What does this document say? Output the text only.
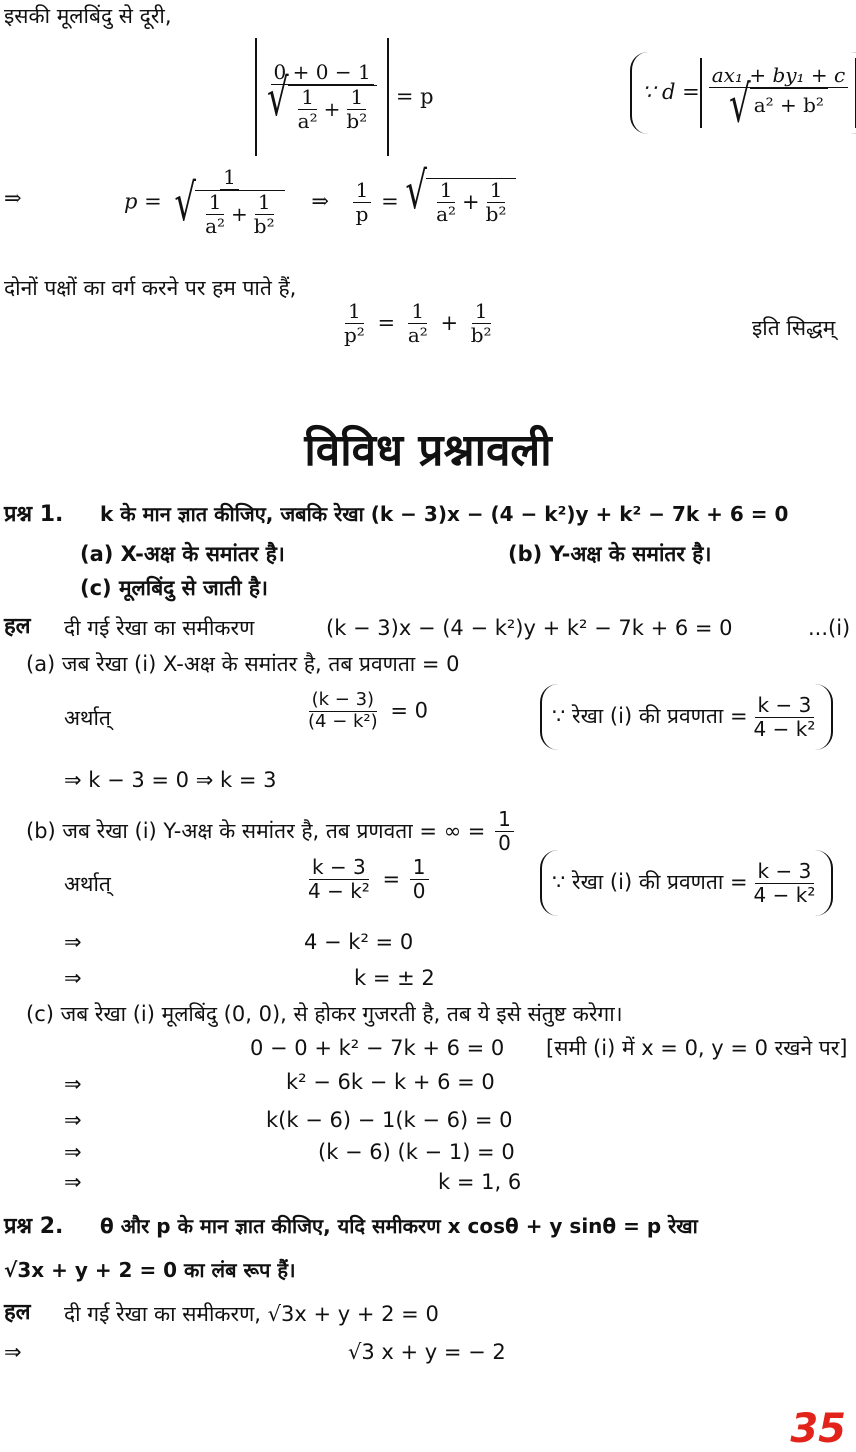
इसकी मूलबिंदु से दूरी,
$\frac{0 + 0 - 1}{√ \frac{1}{\text{a²}} + \frac{1}{\text{b²}}} = p$	∵ $d = \frac{\text{ax₁ + by₁ + c}}{\text{√ a² + b²}}$
⇒	$p = \frac{1}{√ \frac{1}{\text{a²}} + \frac{1}{\text{b²}}}$ ⇒ $\frac{1}{p}$ = √ $\frac{1}{\text{a²}} + \frac{1}{\text{b²}}$
दोनों पक्षों का वर्ग करने पर हम पाते हैं,
$\frac{1}{\text{p²}} = \frac{1}{\text{a²}} + \frac{1}{\text{b²}}$	इति सिद्धम्
विविध प्रश्नावली
प्रश्न 1. k के मान ज्ञात कीजिए, जबकि रेखा (k − 3)x − (4 − k²)y + k² − 7k + 6 = 0
(a) X-अक्ष के समांतर है।	(b) Y-अक्ष के समांतर है।
(c) मूलबिंदु से जाती है।
हल दी गई रेखा का समीकरण	(k − 3)x − (4 − k²)y + k² − 7k + 6 = 0	...(i)
(a) जब रेखा (i) X-अक्ष के समांतर है, तब प्रवणता = 0
अर्थात्	$\frac{(k - 3)}{\text{(4 − k²)}} = 0$	∵ रेखा (i) की प्रवणता = $\frac{k - 3}{\text{4 − k²}}$
⇒ k − 3 = 0 ⇒ k = 3
(b) जब रेखा (i) Y-अक्ष के समांतर है, तब प्रणवता = ∞ = $\frac{1}{0}$
अर्थात्	$\frac{k - 3}{\text{4 − k²}} = \frac{1}{0}$	∵ रेखा (i) की प्रवणता = $\frac{k - 3}{\text{4 − k²}}$
⇒	4 − k² = 0
⇒	k = ± 2
(c) जब रेखा (i) मूलबिंदु (0, 0), से होकर गुजरती है, तब ये इसे संतुष्ट करेगा।
0 − 0 + k² − 7k + 6 = 0 [समी (i) में x = 0, y = 0 रखने पर]
⇒	k² − 6k − k + 6 = 0
⇒	k(k − 6) − 1(k − 6) = 0
⇒	(k − 6) (k − 1) = 0
⇒	k = 1, 6
प्रश्न 2. θ और p के मान ज्ञात कीजिए, यदि समीकरण x cosθ + y sinθ = p रेखा
√3x + y + 2 = 0 का लंब रूप हैं।
हल दी गई रेखा का समीकरण, √3x + y + 2 = 0
⇒	√3 x + y = − 2
35
